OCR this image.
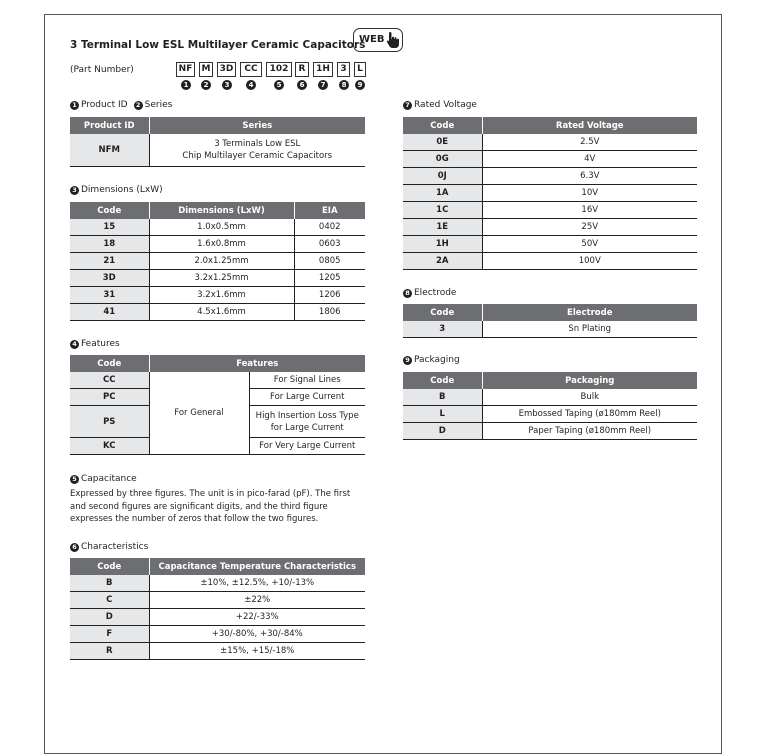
3 Terminal Low ESL Multilayer Ceramic Capacitors
WEB
(Part Number)	NF M 3D	CC	102	R	1H	3	L
1	2	3	4	5	6	7	8	9
1 Product ID	2 Series
Product ID	Series
NFM	3 Terminals Low ESL
Chip Multilayer Ceramic Capacitors
3 Dimensions (LxW)
Code	Dimensions (LxW)	EIA
15	1.0x0.5mm	0402
18	1.6x0.8mm	0603
21	2.0x1.25mm	0805
3D	3.2x1.25mm	1205
31	3.2x1.6mm	1206
41	4.5x1.6mm	1806
4 Features
Code	Features	
CC	For General	For Signal Lines
PC		For Large Current
PS		High Insertion Loss Type
for Large Current

KC		For Very Large Current
5 Capacitance
Expressed by three figures. The unit is in pico-farad (pF). The first
and second figures are significant digits, and the third figure
expresses the number of zeros that follow the two figures.
6 Characteristics
Code	Capacitance Temperature Characteristics
B	±10%, ±12.5%, +10/-13%
C	±22%
D	+22/-33%
F	+30/-80%, +30/-84%
R	±15%, +15/-18%
7 Rated Voltage
Code	Rated Voltage
0E	2.5V
0G	4V
0J	6.3V
1A	10V
1C	16V
1E	25V
1H	50V
2A	100V
8 Electrode
Code	Electrode
3	Sn Plating
9 Packaging
Code	Packaging
B	Bulk
L	Embossed Taping (ø180mm Reel)
D	Paper Taping (ø180mm Reel)
